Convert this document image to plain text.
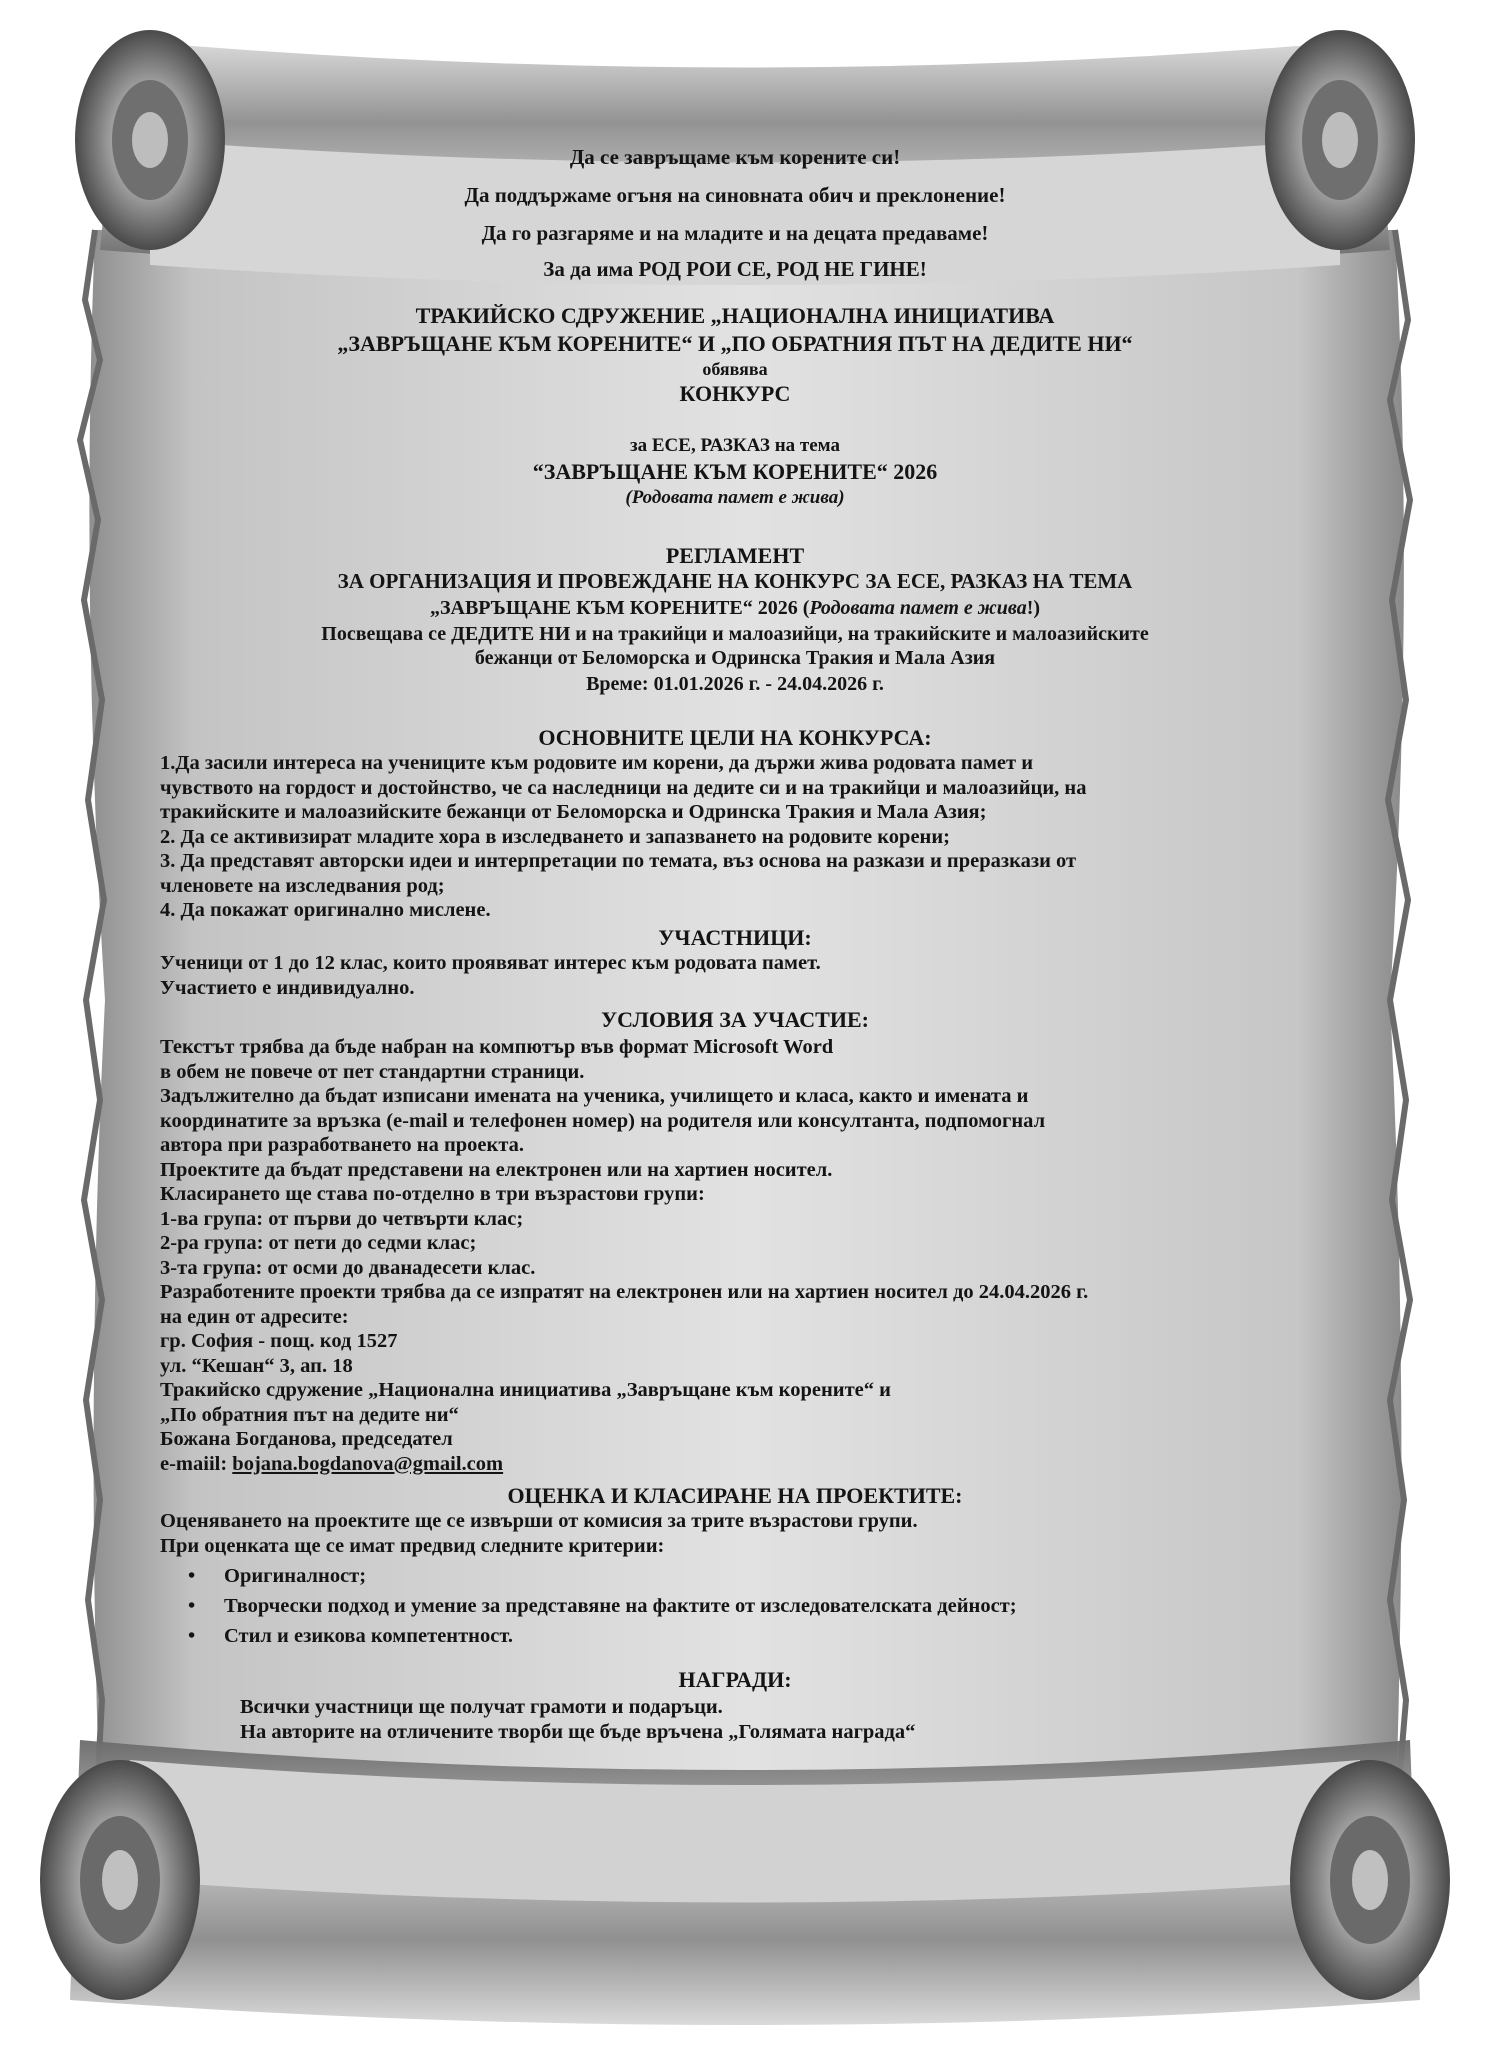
Да се завръщаме към корените си!
Да поддържаме огъня на синовната обич и преклонение!
Да го разгаряме и на младите и на децата предаваме!
За да има РОД РОИ СЕ, РОД НЕ ГИНЕ!
ТРАКИЙСКО СДРУЖЕНИЕ „НАЦИОНАЛНА ИНИЦИАТИВА
„ЗАВРЪЩАНЕ КЪМ КОРЕНИТЕ“ И „ПО ОБРАТНИЯ ПЪТ НА ДЕДИТЕ НИ“
обявява
КОНКУРС
за ЕСЕ, РАЗКАЗ на тема
“ЗАВРЪЩАНЕ КЪМ КОРЕНИТЕ“ 2026
(Родовата памет е жива)
РЕГЛАМЕНТ
ЗА ОРГАНИЗАЦИЯ И ПРОВЕЖДАНЕ НА КОНКУРС ЗА ЕСЕ, РАЗКАЗ НА ТЕМА
„ЗАВРЪЩАНЕ КЪМ КОРЕНИТЕ“ 2026 (Родовата памет е жива!)
Посвещава се ДЕДИТЕ НИ и на тракийци и малоазийци, на тракийските и малоазийските
бежанци от Беломорска и Одринска Тракия и Мала Азия
Време: 01.01.2026 г. - 24.04.2026 г.
ОСНОВНИТЕ ЦЕЛИ НА КОНКУРСА:
1.Да засили интереса на учениците към родовите им корени, да държи жива родовата памет и
чувството на гордост и достойнство, че са наследници на дедите си и на тракийци и малоазийци, на
тракийските и малоазийските бежанци от Беломорска и Одринска Тракия и Мала Азия;
2. Да се активизират младите хора в изследването и запазването на родовите корени;
3. Да представят авторски идеи и интерпретации по темата, въз основа на разкази и преразкази от
членовете на изследвания род;
4. Да покажат оригинално мислене.
УЧАСТНИЦИ:
Ученици от 1 до 12 клас, които проявяват интерес към родовата памет.
Участието е индивидуално.
УСЛОВИЯ ЗА УЧАСТИЕ:
Текстът трябва да бъде набран на компютър във формат Microsoft Word
в обем не повече от пет стандартни страници.
Задължително да бъдат изписани имената на ученика, училището и класа, както и имената и
координатите за връзка (e-mail и телефонен номер) на родителя или консултанта, подпомогнал
автора при разработването на проекта.
Проектите да бъдат представени на електронен или на хартиен носител.
Класирането ще става по-отделно в три възрастови групи:
1-ва група: от първи до четвърти клас;
2-ра група: от пети до седми клас;
3-та група: от осми до дванадесети клас.
Разработените проекти трябва да се изпратят на електронен или на хартиен носител до 24.04.2026 г.
на един от адресите:
гр. София - пощ. код 1527
ул. “Кешан“ 3, ап. 18
Тракийско сдружение „Национална инициатива „Завръщане към корените“ и
„По обратния път на дедите ни“
Божана Богданова, председател
e-maiil: bojana.bogdanova@gmail.com
ОЦЕНКА И КЛАСИРАНЕ НА ПРОЕКТИТЕ:
Оценяването на проектите ще се извърши от комисия за трите възрастови групи.
При оценката ще се имат предвид следните критерии:
• Оригиналност;
• Творчески подход и умение за представяне на фактите от изследователската дейност;
• Стил и езикова компетентност.
НАГРАДИ:
Всички участници ще получат грамоти и подаръци.
На авторите на отличените творби ще бъде връчена „Голямата награда“
